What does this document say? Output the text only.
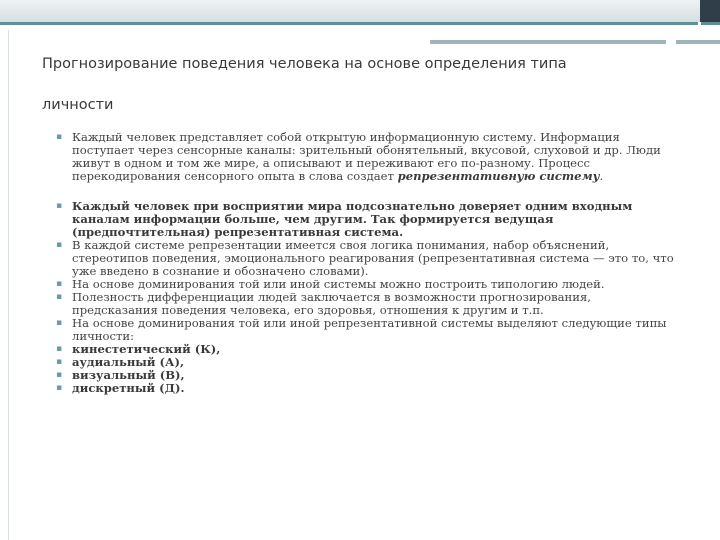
Прогнозирование поведения человека на основе определения типа
личности
▪ Каждый человек представляет собой открытую информационную систему. Информация поступает через сенсорные каналы: зрительный обонятельный, вкусовой, слуховой и др. Люди живут в одном и том же мире, а описывают и переживают его по-разному. Процесс перекодирования сенсорного опыта в слова создает репрезентативную систему.
▪ Каждый человек при восприятии мира подсознательно доверяет одним входным каналам информации больше, чем другим. Так формируется ведущая (предпочтительная) репрезентативная система.
▪ В каждой системе репрезентации имеется своя логика понимания, набор объяснений, стереотипов поведения, эмоционального реагирования (репрезентативная система — это то, что уже введено в сознание и обозначено словами).
▪ На основе доминирования той или иной системы можно построить типологию людей.
▪ Полезность дифференциации людей заключается в возможности прогнозирования, предсказания поведения человека, его здоровья, отношения к другим и т.п.
▪ На основе доминирования той или иной репрезентативной системы выделяют следующие типы личности:
▪ кинестетический (К),
▪ аудиальный (А),
▪ визуальный (В),
▪ дискретный (Д).
